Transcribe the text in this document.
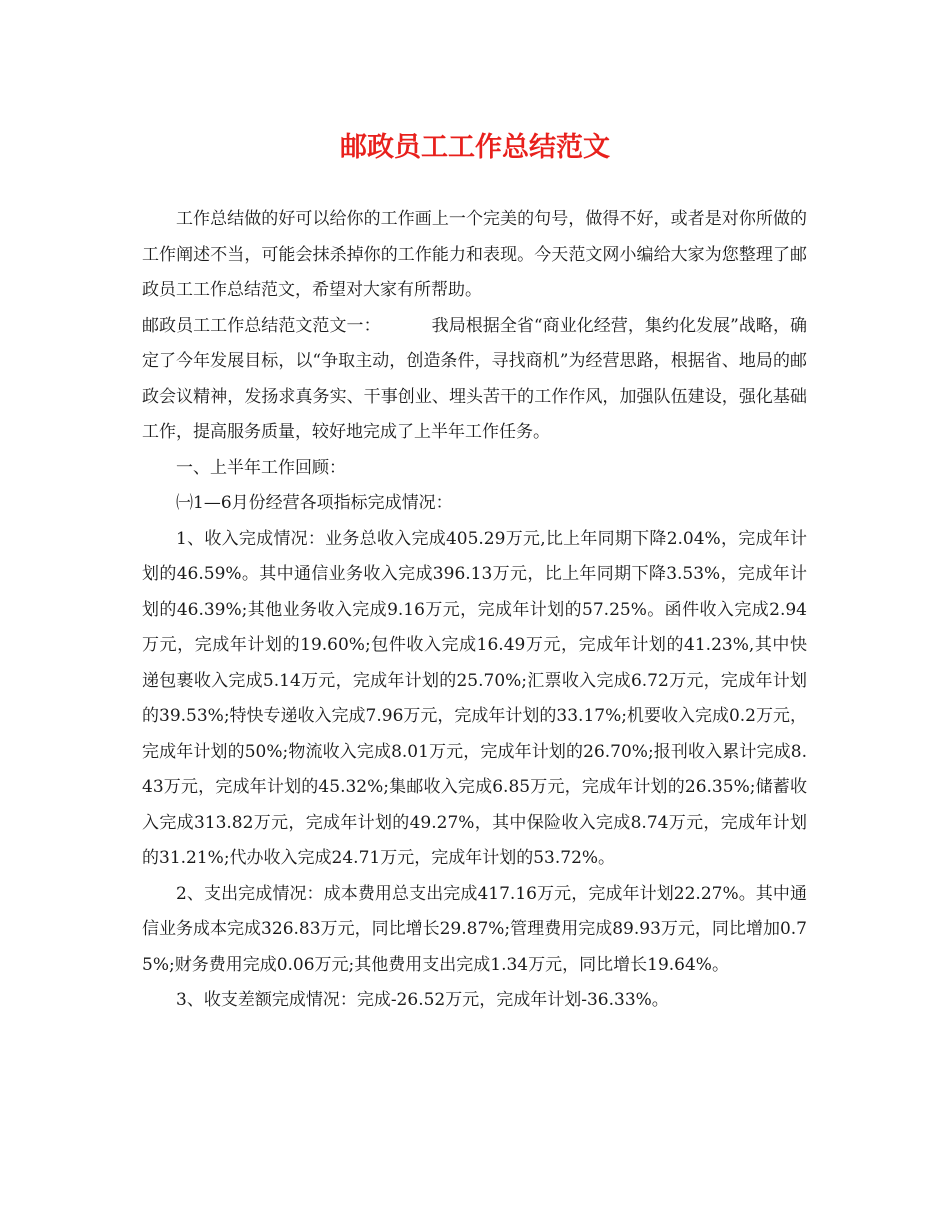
邮政员工工作总结范文

工作总结做的好可以给你的工作画上一个完美的句号，做得不好，或者是对你所做的工作阐述不当，可能会抹杀掉你的工作能力和表现。今天范文网小编给大家为您整理了邮政员工工作总结范文，希望对大家有所帮助。

邮政员工工作总结范文范文一：	我局根据全省“商业化经营，集约化发展”战略，确定了今年发展目标，以“争取主动，创造条件，寻找商机”为经营思路，根据省、地局的邮政会议精神，发扬求真务实、干事创业、埋头苦干的工作作风，加强队伍建设，强化基础工作，提高服务质量，较好地完成了上半年工作任务。

一、上半年工作回顾：

㈠1—6月份经营各项指标完成情况：

1、收入完成情况：业务总收入完成405.29万元,比上年同期下降2.04%，完成年计划的46.59%。其中通信业务收入完成396.13万元，比上年同期下降3.53%，完成年计划的46.39%;其他业务收入完成9.16万元，完成年计划的57.25%。函件收入完成2.94万元，完成年计划的19.60%;包件收入完成16.49万元，完成年计划的41.23%,其中快递包裹收入完成5.14万元，完成年计划的25.70%;汇票收入完成6.72万元，完成年计划的39.53%;特快专递收入完成7.96万元，完成年计划的33.17%;机要收入完成0.2万元，完成年计划的50%;物流收入完成8.01万元，完成年计划的26.70%;报刊收入累计完成8.43万元，完成年计划的45.32%;集邮收入完成6.85万元，完成年计划的26.35%;储蓄收入完成313.82万元，完成年计划的49.27%，其中保险收入完成8.74万元，完成年计划的31.21%;代办收入完成24.71万元，完成年计划的53.72%。

2、支出完成情况：成本费用总支出完成417.16万元，完成年计划22.27%。其中通信业务成本完成326.83万元，同比增长29.87%;管理费用完成89.93万元，同比增加0.75%;财务费用完成0.06万元;其他费用支出完成1.34万元，同比增长19.64%。

3、收支差额完成情况：完成-26.52万元，完成年计划-36.33%。
